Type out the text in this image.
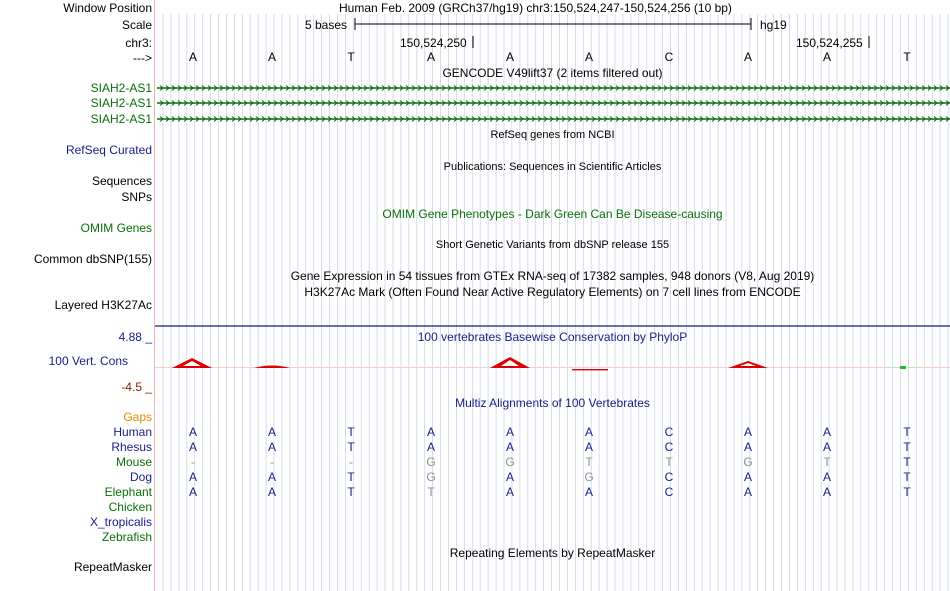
Window Position
Scale
chr3:
--->
SIAH2-AS1
SIAH2-AS1
SIAH2-AS1
RefSeq Curated
Sequences
SNPs
OMIM Genes
Common dbSNP(155)
Layered H3K27Ac
4.88 _
100 Vert. Cons
-4.5 _
Gaps
Human
Rhesus
Mouse
Dog
Elephant
Chicken
X_tropicalis
Zebrafish
RepeatMasker
Human Feb. 2009 (GRCh37/hg19) chr3:150,524,247-150,524,256 (10 bp)
5 bases	hg19
150,524,250	150,524,255
A	A	T	A	A	A	C	A	A	T
GENCODE V49lift37 (2 items filtered out)
RefSeq genes from NCBI
Publications: Sequences in Scientific Articles
OMIM Gene Phenotypes - Dark Green Can Be Disease-causing
Short Genetic Variants from dbSNP release 155
Gene Expression in 54 tissues from GTEx RNA-seq of 17382 samples, 948 donors (V8, Aug 2019)
H3K27Ac Mark (Often Found Near Active Regulatory Elements) on 7 cell lines from ENCODE
100 vertebrates Basewise Conservation by PhyloP
Multiz Alignments of 100 Vertebrates
Repeating Elements by RepeatMasker
A	A	T	A	A	A	C	A	A	T
A	A	T	A	A	A	C	A	A	T
-	-	-	G	G	T	T	G	T	T
A	A	T	G	A	G	C	A	A	T
A	A	T	T	A	A	C	A	A	T
